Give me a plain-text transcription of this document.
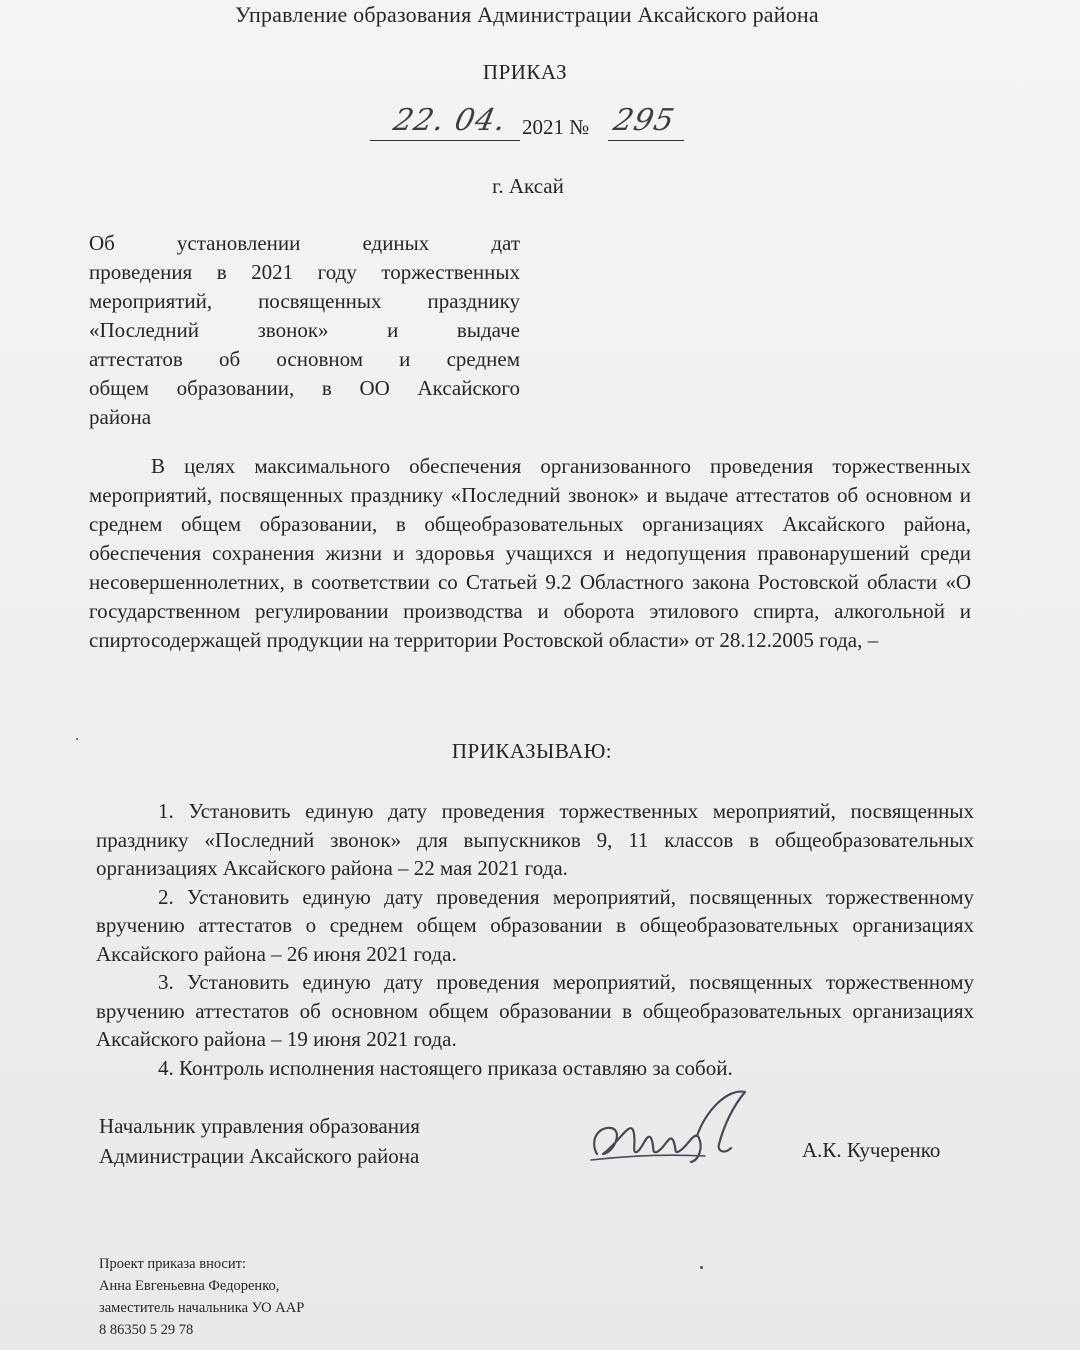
Управление образования Администрации Аксайского района
ПРИКАЗ
22. 04. 2021 № 295
г. Аксай
Об установлении единых дат
проведения в 2021 году торжественных
мероприятий, посвященных празднику
«Последний звонок» и выдаче
аттестатов об основном и среднем
общем образовании, в ОО Аксайского
района
В целях максимального обеспечения организованного проведения торжественных мероприятий, посвященных празднику «Последний звонок» и выдаче аттестатов об основном и среднем общем образовании, в общеобразовательных организациях Аксайского района, обеспечения сохранения жизни и здоровья учащихся и недопущения правонарушений среди несовершеннолетних, в соответствии со Статьей 9.2 Областного закона Ростовской области «О государственном регулировании производства и оборота этилового спирта, алкогольной и спиртосодержащей продукции на территории Ростовской области» от 28.12.2005 года, –
ПРИКАЗЫВАЮ:
1. Установить единую дату проведения торжественных мероприятий, посвященных празднику «Последний звонок» для выпускников 9, 11 классов в общеобразовательных организациях Аксайского района – 22 мая 2021 года.
2. Установить единую дату проведения мероприятий, посвященных торжественному вручению аттестатов о среднем общем образовании в общеобразовательных организациях Аксайского района – 26 июня 2021 года.
3. Установить единую дату проведения мероприятий, посвященных торжественному вручению аттестатов об основном общем образовании в общеобразовательных организациях Аксайского района – 19 июня 2021 года.
4. Контроль исполнения настоящего приказа оставляю за собой.
Начальник управления образования
Администрации Аксайского района	А.К. Кучеренко
Проект приказа вносит:
Анна Евгеньевна Федоренко,
заместитель начальника УО ААР
8 86350 5 29 78
